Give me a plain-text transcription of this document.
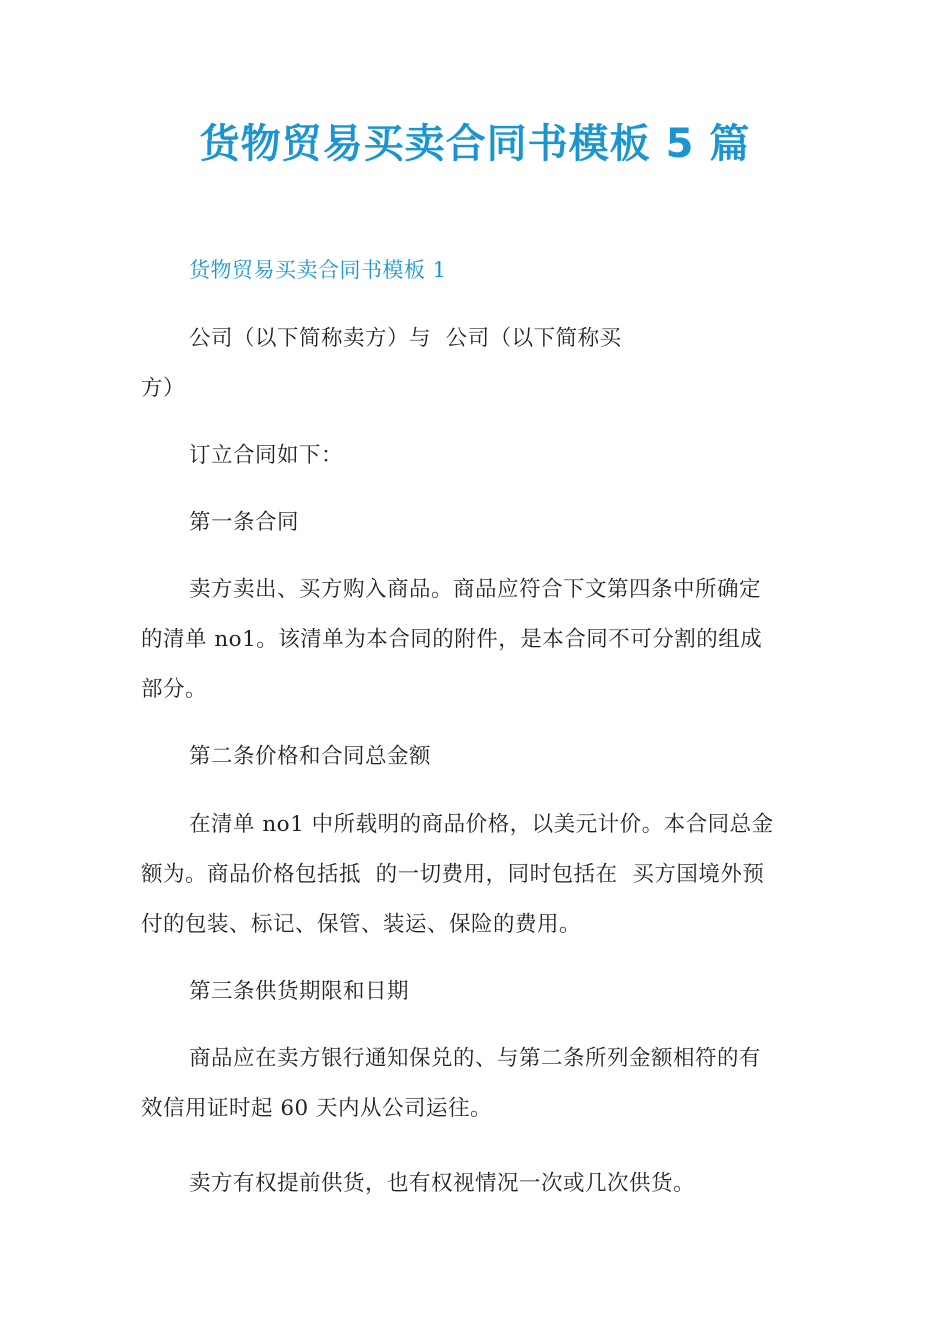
货物贸易买卖合同书模板 5 篇
货物贸易买卖合同书模板 1
公司（以下简称卖方）与  公司（以下简称买
方）
订立合同如下：
第一条合同
卖方卖出、买方购入商品。商品应符合下文第四条中所确定
的清单 no1。该清单为本合同的附件，是本合同不可分割的组成
部分。
第二条价格和合同总金额
在清单 no1 中所载明的商品价格，以美元计价。本合同总金
额为。商品价格包括抵  的一切费用，同时包括在  买方国境外预
付的包装、标记、保管、装运、保险的费用。
第三条供货期限和日期
商品应在卖方银行通知保兑的、与第二条所列金额相符的有
效信用证时起 60 天内从公司运往。
卖方有权提前供货，也有权视情况一次或几次供货。
